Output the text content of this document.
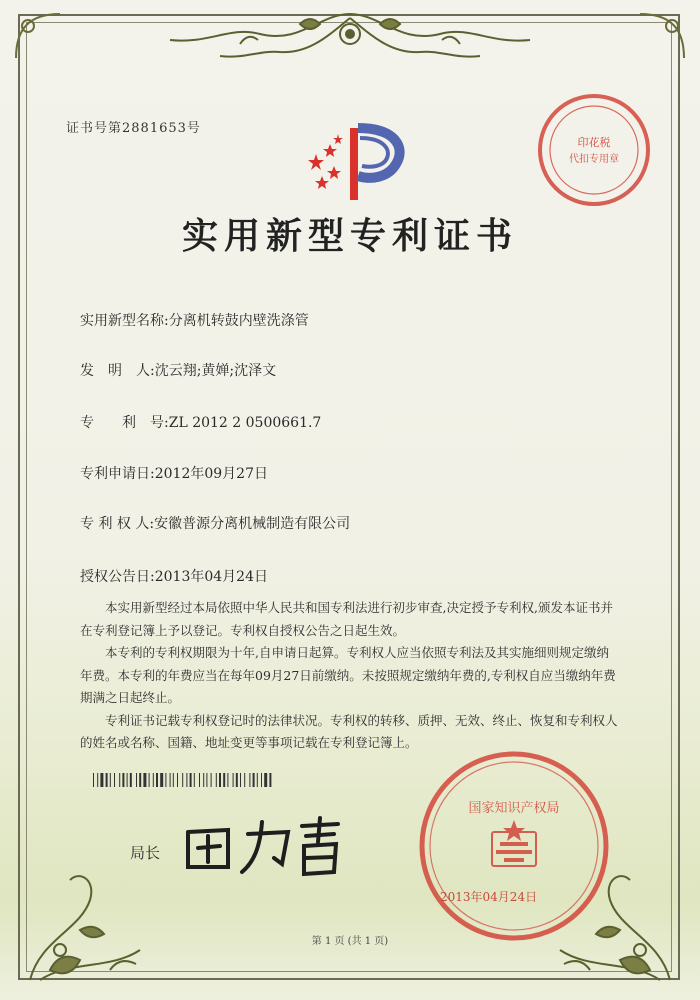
证书号第2881653号
印花税
代扣专用章
实用新型专利证书
实用新型名称:分离机转鼓内壁洗涤管
发　明　人:沈云翔;黄婵;沈泽文
专　　利　号:ZL 2012 2 0500661.7
专利申请日:2012年09月27日
专 利 权 人:安徽普源分离机械制造有限公司
授权公告日:2013年04月24日

本实用新型经过本局依照中华人民共和国专利法进行初步审查,决定授予专利权,颁发本证书并在专利登记簿上予以登记。专利权自授权公告之日起生效。

本专利的专利权期限为十年,自申请日起算。专利权人应当依照专利法及其实施细则规定缴纳年费。本专利的年费应当在每年09月27日前缴纳。未按照规定缴纳年费的,专利权自应当缴纳年费期满之日起终止。

专利证书记载专利权登记时的法律状况。专利权的转移、质押、无效、终止、恢复和专利权人的姓名或名称、国籍、地址变更等事项记载在专利登记簿上。

局长
国家知识产权局
2013年04月24日
第 1 页 (共 1 页)
